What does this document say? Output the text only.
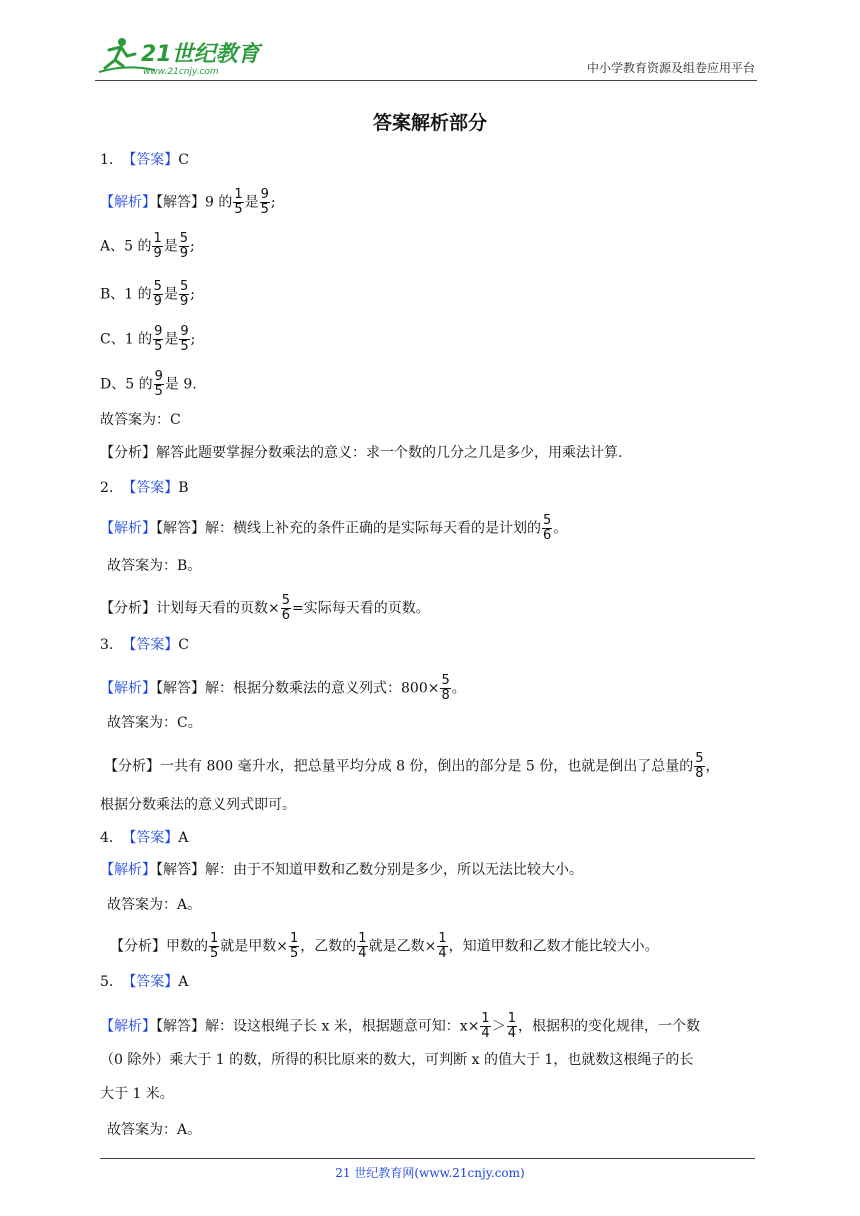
21世纪教育
www.21cnjy.com	中小学教育资源及组卷应用平台
答案解析部分
1. 【答案】C
【解析】【解答】9 的 $\frac{1}{5}$ 是 $\frac{9}{5}$ ;
A、5 的 $\frac{1}{9}$ 是 $\frac{5}{9}$ ;
B、1 的 $\frac{5}{9}$ 是 $\frac{5}{9}$ ;
C、1 的 $\frac{9}{5}$ 是 $\frac{9}{5}$ ;
D、5 的 $\frac{9}{5}$ 是 9.
故答案为：C
【分析】解答此题要掌握分数乘法的意义：求一个数的几分之几是多少，用乘法计算.
2. 【答案】B
【解析】【解答】解：横线上补充的条件正确的是实际每天看的是计划的 $\frac{5}{6}$ 。
故答案为：B。
【分析】计划每天看的页数× $\frac{5}{6}$ =实际每天看的页数。
3. 【答案】C
【解析】【解答】解：根据分数乘法的意义列式：$800\times \frac{5}{8}$ 。
故答案为：C。
【分析】一共有 800 毫升水，把总量平均分成 8 份，倒出的部分是 5 份，也就是倒出了总量的 $\frac{5}{8}$ ，
根据分数乘法的意义列式即可。
4. 【答案】A
【解析】【解答】解：由于不知道甲数和乙数分别是多少，所以无法比较大小。
故答案为：A。
【分析】甲数的 $\frac{1}{5}$ 就是甲数× $\frac{1}{5}$ ，乙数的 $\frac{1}{4}$ 就是乙数× $\frac{1}{4}$ ，知道甲数和乙数才能比较大小。
5. 【答案】A
【解析】【解答】解：设这根绳子长 x 米，根据题意可知：$x\times \frac{1}{4} > \frac{1}{4}$ ，根据积的变化规律，一个数
（0 除外）乘大于 1 的数，所得的积比原来的数大，可判断 x 的值大于 1，也就数这根绳子的长
大于 1 米。
故答案为：A。
21 世纪教育网(www.21cnjy.com)
